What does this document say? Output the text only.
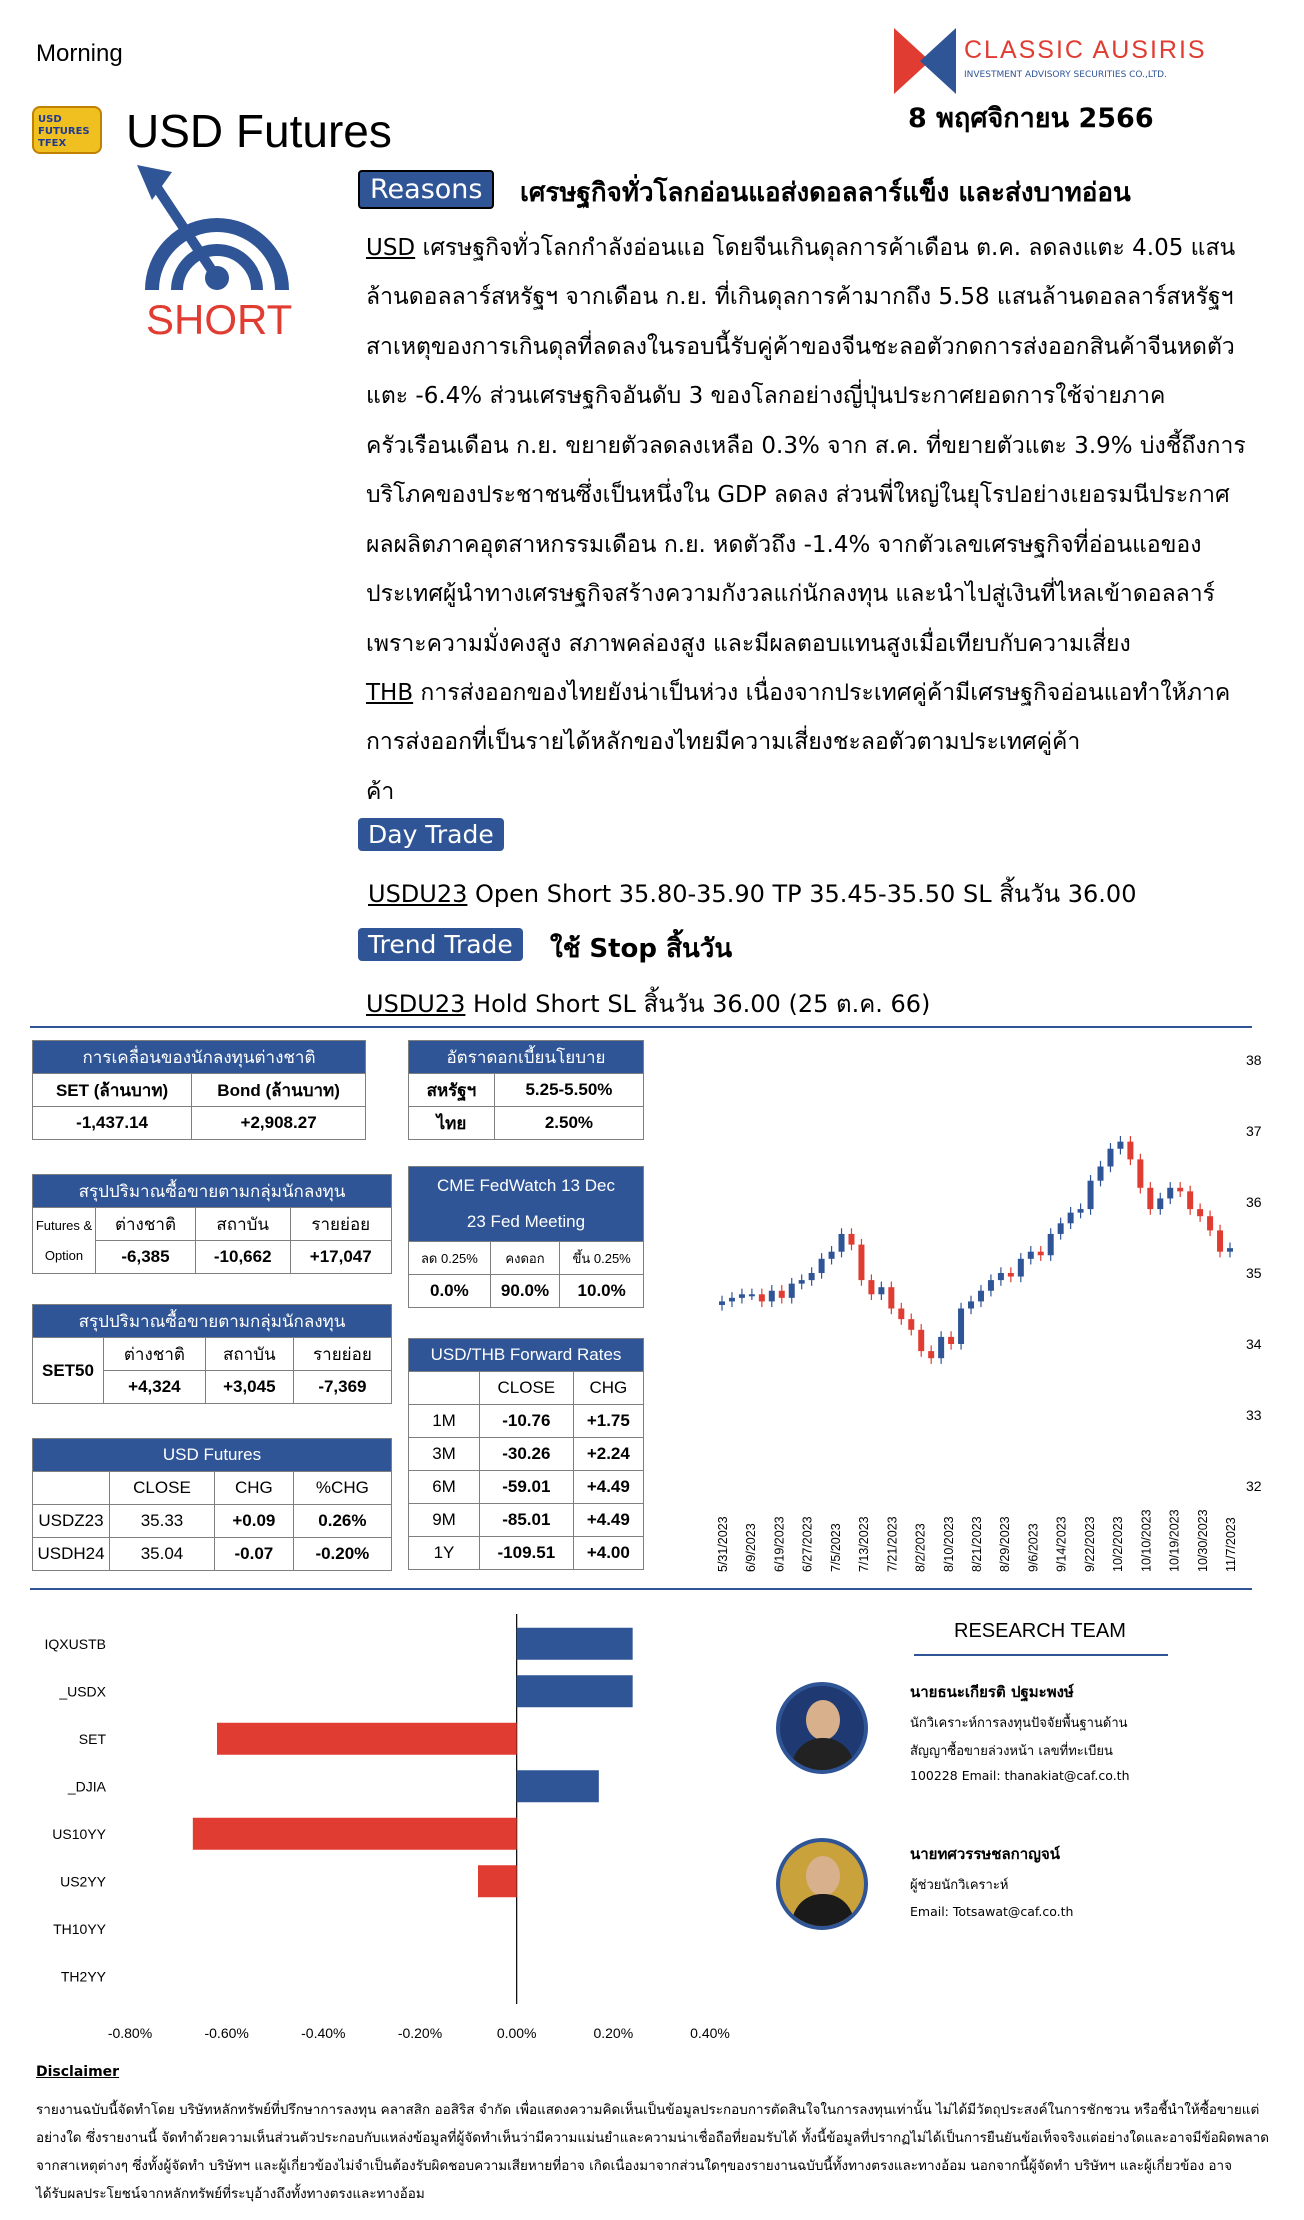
Morning
USD FUTURES TFEX	USD Futures
CLASSIC AUSIRIS
INVESTMENT ADVISORY SECURITIES CO.,LTD.
8 พฤศจิกายน 2566
SHORT
Reasons	เศรษฐกิจทั่วโลกอ่อนแอส่งดอลลาร์แข็ง และส่งบาทอ่อน
USD เศรษฐกิจทั่วโลกกำลังอ่อนแอ โดยจีนเกินดุลการค้าเดือน ต.ค. ลดลงแตะ 4.05 แสน
ล้านดอลลาร์สหรัฐฯ จากเดือน ก.ย. ที่เกินดุลการค้ามากถึง 5.58 แสนล้านดอลลาร์สหรัฐฯ
สาเหตุของการเกินดุลที่ลดลงในรอบนี้รับคู่ค้าของจีนชะลอตัวกดการส่งออกสินค้าจีนหดตัว
แตะ -6.4% ส่วนเศรษฐกิจอันดับ 3 ของโลกอย่างญี่ปุ่นประกาศยอดการใช้จ่ายภาค
ครัวเรือนเดือน ก.ย. ขยายตัวลดลงเหลือ 0.3% จาก ส.ค. ที่ขยายตัวแตะ 3.9% บ่งชี้ถึงการ
บริโภคของประชาชนซึ่งเป็นหนึ่งใน GDP ลดลง ส่วนพี่ใหญ่ในยุโรปอย่างเยอรมนีประกาศ
ผลผลิตภาคอุตสาหกรรมเดือน ก.ย. หดตัวถึง -1.4% จากตัวเลขเศรษฐกิจที่อ่อนแอของ
ประเทศผู้นำทางเศรษฐกิจสร้างความกังวลแก่นักลงทุน และนำไปสู่เงินที่ไหลเข้าดอลลาร์
เพราะความมั่งคงสูง สภาพคล่องสูง และมีผลตอบแทนสูงเมื่อเทียบกับความเสี่ยง
THB การส่งออกของไทยยังน่าเป็นห่วง เนื่องจากประเทศคู่ค้ามีเศรษฐกิจอ่อนแอทำให้ภาค
การส่งออกที่เป็นรายได้หลักของไทยมีความเสี่ยงชะลอตัวตามประเทศคู่ค้า
ค้า
Day Trade
USDU23 Open Short 35.80-35.90 TP 35.45-35.50 SL สิ้นวัน 36.00
Trend Trade	ใช้ Stop สิ้นวัน
USDU23 Hold Short SL สิ้นวัน 36.00 (25 ต.ค. 66)
การเคลื่อนของนักลงทุนต่างชาติ	
SET (ล้านบาท)	Bond (ล้านบาท)
-1,437.14	+2,908.27
อัตราดอกเบี้ยนโยบาย	
สหรัฐฯ	5.25-5.50%
ไทย	2.50%
สรุปปริมาณซื้อขายตามกลุ่มนักลงทุน			

Futures &
Option	ต่างชาติ	สถาบัน	รายย่อย
	-6,385	-10,662	+17,047
CME FedWatch 13 Dec
23 Fed Meeting		

ลด 0.25%	คงดอก	ขึ้น 0.25%
0.0%	90.0%	10.0%
สรุปปริมาณซื้อขายตามกลุ่มนักลงทุน			
SET50	ต่างชาติ	สถาบัน	รายย่อย
	+4,324	+3,045	-7,369
USD/THB Forward Rates		
	CLOSE	CHG
1M	-10.76	+1.75
3M	-30.26	+2.24
6M	-59.01	+4.49
9M	-85.01	+4.49
1Y	-109.51	+4.00
USD Futures			
	CLOSE	CHG	%CHG
USDZ23	35.33	+0.09	0.26%
USDH24	35.04	-0.07	-0.20%
38
37
36
35
34
33
32
5/31/2023 6/9/2023 6/19/2023 6/27/2023 7/5/2023 7/13/2023 7/21/2023 8/2/2023 8/10/2023 8/21/2023 8/29/2023 9/6/2023 9/14/2023 9/22/2023 10/2/2023 10/10/2023 10/19/2023 10/30/2023 11/7/2023
IQXUSTB
_USDX
SET
_DJIA
US10YY
US2YY
TH10YY
TH2YY
-0.80%	-0.60%	-0.40%	-0.20%	0.00%	0.20%	0.40%
RESEARCH TEAM
นายธนะเกียรติ ปฐมะพงษ์
นักวิเคราะห์การลงทุนปัจจัยพื้นฐานด้าน
สัญญาซื้อขายล่วงหน้า เลขที่ทะเบียน
100228 Email: thanakiat@caf.co.th
นายทศวรรษชลกาญจน์
ผู้ช่วยนักวิเคราะห์
Email: Totsawat@caf.co.th
Disclaimer
รายงานฉบับนี้จัดทำโดย บริษัทหลักทรัพย์ที่ปรึกษาการลงทุน คลาสสิก ออสิริส จำกัด เพื่อแสดงความคิดเห็นเป็นข้อมูลประกอบการตัดสินใจในการลงทุนเท่านั้น ไม่ได้มีวัตถุประสงค์ในการชักชวน หรือชี้นำให้ซื้อขายแต่
อย่างใด ซึ่งรายงานนี้ จัดทำด้วยความเห็นส่วนตัวประกอบกับแหล่งข้อมูลที่ผู้จัดทำเห็นว่ามีความแม่นยำและความน่าเชื่อถือที่ยอมรับได้ ทั้งนี้ข้อมูลที่ปรากฏไม่ได้เป็นการยืนยันข้อเท็จจริงแต่อย่างใดและอาจมีข้อผิดพลาด
จากสาเหตุต่างๆ ซึ่งทั้งผู้จัดทำ บริษัทฯ และผู้เกี่ยวข้องไม่จำเป็นต้องรับผิดชอบความเสียหายที่อาจ เกิดเนื่องมาจากส่วนใดๆของรายงานฉบับนี้ทั้งทางตรงและทางอ้อม นอกจากนี้ผู้จัดทำ บริษัทฯ และผู้เกี่ยวข้อง อาจ
ได้รับผลประโยชน์จากหลักทรัพย์ที่ระบุอ้างถึงทั้งทางตรงและทางอ้อม
